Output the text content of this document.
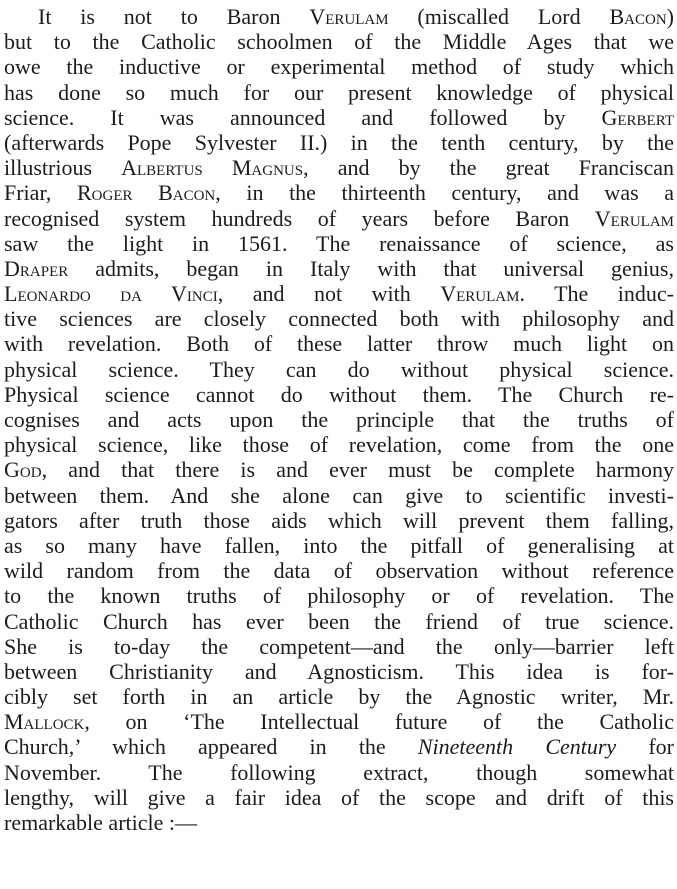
It is not to Baron Verulam (miscalled Lord Bacon)
but to the Catholic schoolmen of the Middle Ages that we
owe the inductive or experimental method of study which
has done so much for our present knowledge of physical
science. It was announced and followed by Gerbert
(afterwards Pope Sylvester II.) in the tenth century, by the
illustrious Albertus Magnus, and by the great Franciscan
Friar, Roger Bacon, in the thirteenth century, and was a
recognised system hundreds of years before Baron Verulam
saw the light in 1561. The renaissance of science, as
Draper admits, began in Italy with that universal genius,
Leonardo da Vinci, and not with Verulam. The induc-
tive sciences are closely connected both with philosophy and
with revelation. Both of these latter throw much light on
physical science. They can do without physical science.
Physical science cannot do without them. The Church re-
cognises and acts upon the principle that the truths of
physical science, like those of revelation, come from the one
God, and that there is and ever must be complete harmony
between them. And she alone can give to scientific investi-
gators after truth those aids which will prevent them falling,
as so many have fallen, into the pitfall of generalising at
wild random from the data of observation without reference
to the known truths of philosophy or of revelation. The
Catholic Church has ever been the friend of true science.
She is to-day the competent—and the only—barrier left
between Christianity and Agnosticism. This idea is for-
cibly set forth in an article by the Agnostic writer, Mr.
Mallock, on ‘The Intellectual future of the Catholic
Church,’ which appeared in the Nineteenth Century for
November. The following extract, though somewhat
lengthy, will give a fair idea of the scope and drift of this
remarkable article :—
